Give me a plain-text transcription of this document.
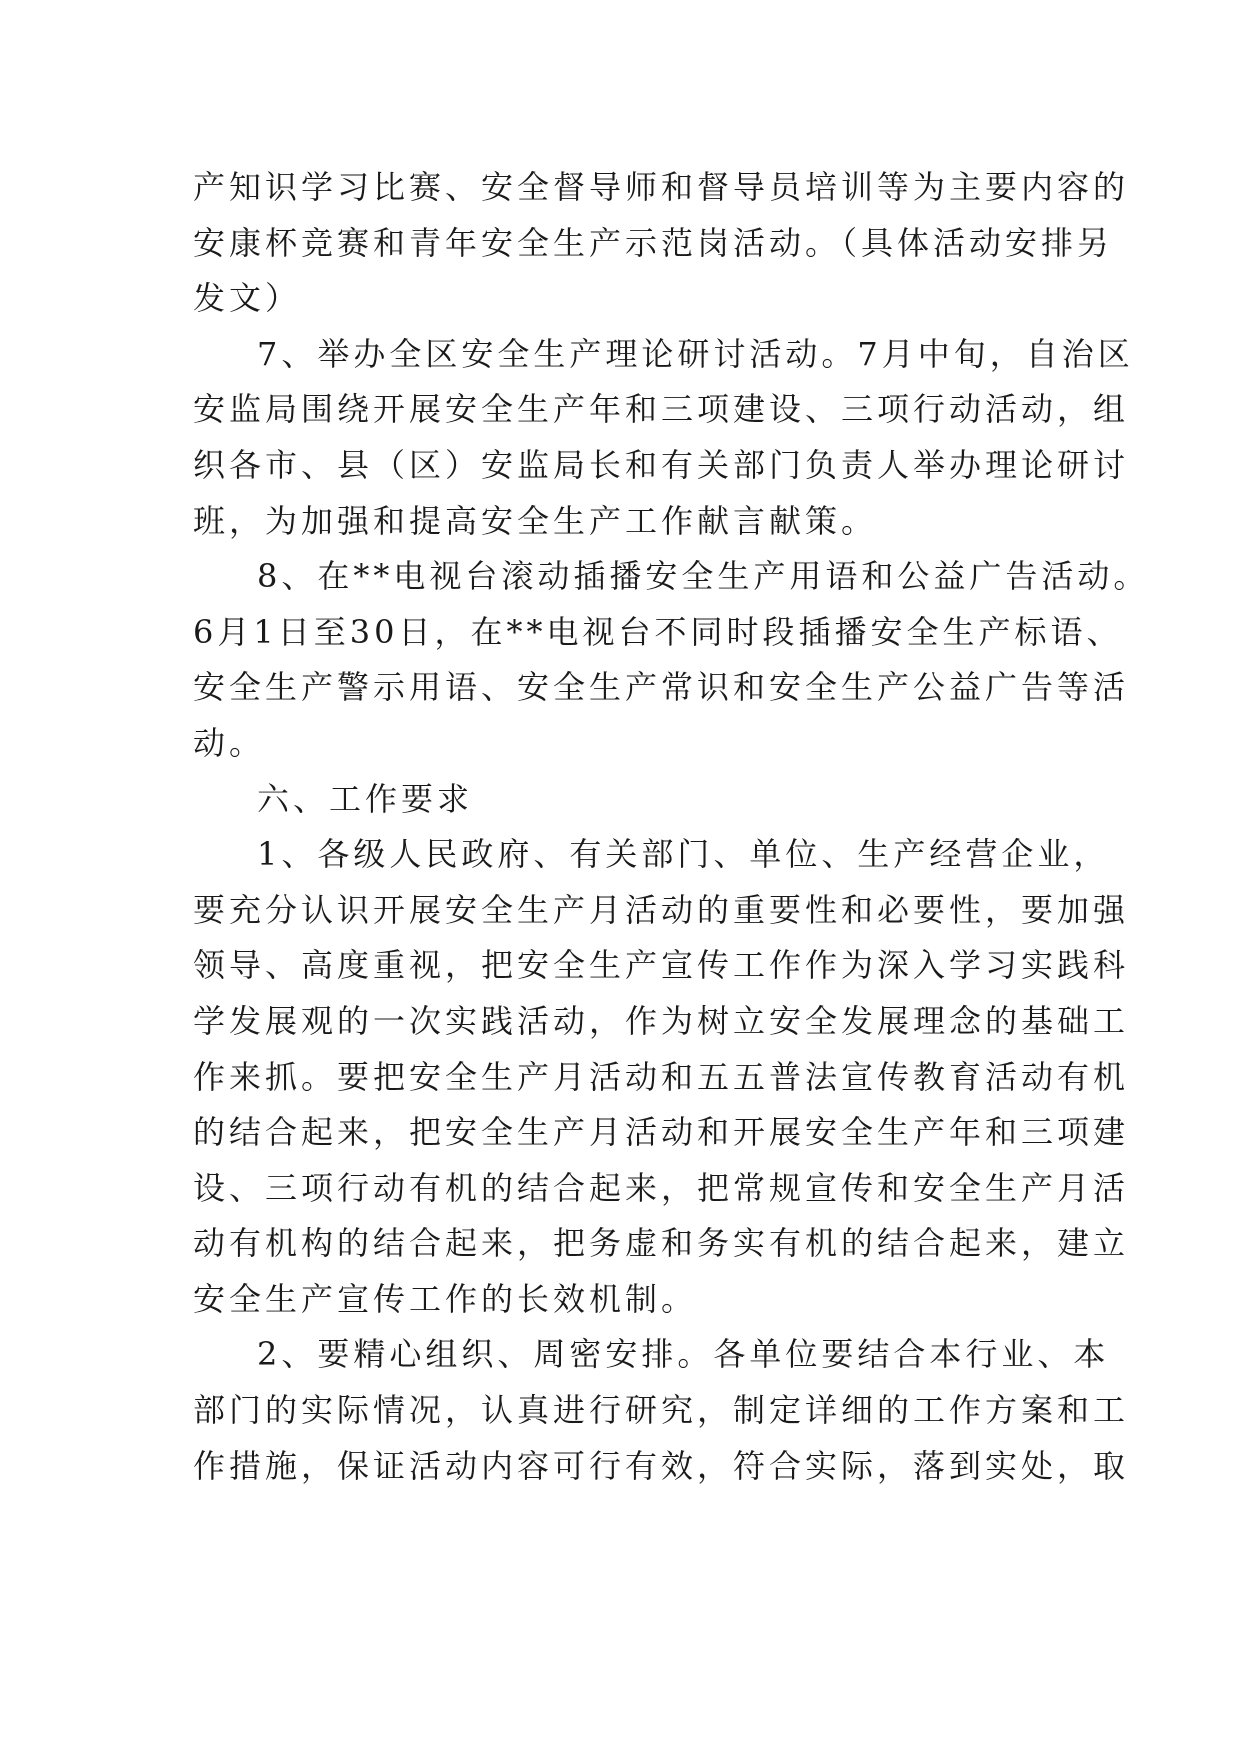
产知识学习比赛、安全督导师和督导员培训等为主要内容的
安康杯竞赛和青年安全生产示范岗活动。（具体活动安排另
发文）
7、举办全区安全生产理论研讨活动。7月中旬，自治区
安监局围绕开展安全生产年和三项建设、三项行动活动，组
织各市、县（区）安监局长和有关部门负责人举办理论研讨
班，为加强和提高安全生产工作献言献策。
8、在**电视台滚动插播安全生产用语和公益广告活动。
6月1日至30日，在**电视台不同时段插播安全生产标语、
安全生产警示用语、安全生产常识和安全生产公益广告等活
动。
六、工作要求
1、各级人民政府、有关部门、单位、生产经营企业，
要充分认识开展安全生产月活动的重要性和必要性，要加强
领导、高度重视，把安全生产宣传工作作为深入学习实践科
学发展观的一次实践活动，作为树立安全发展理念的基础工
作来抓。要把安全生产月活动和五五普法宣传教育活动有机
的结合起来，把安全生产月活动和开展安全生产年和三项建
设、三项行动有机的结合起来，把常规宣传和安全生产月活
动有机构的结合起来，把务虚和务实有机的结合起来，建立
安全生产宣传工作的长效机制。
2、要精心组织、周密安排。各单位要结合本行业、本
部门的实际情况，认真进行研究，制定详细的工作方案和工
作措施，保证活动内容可行有效，符合实际，落到实处，取
